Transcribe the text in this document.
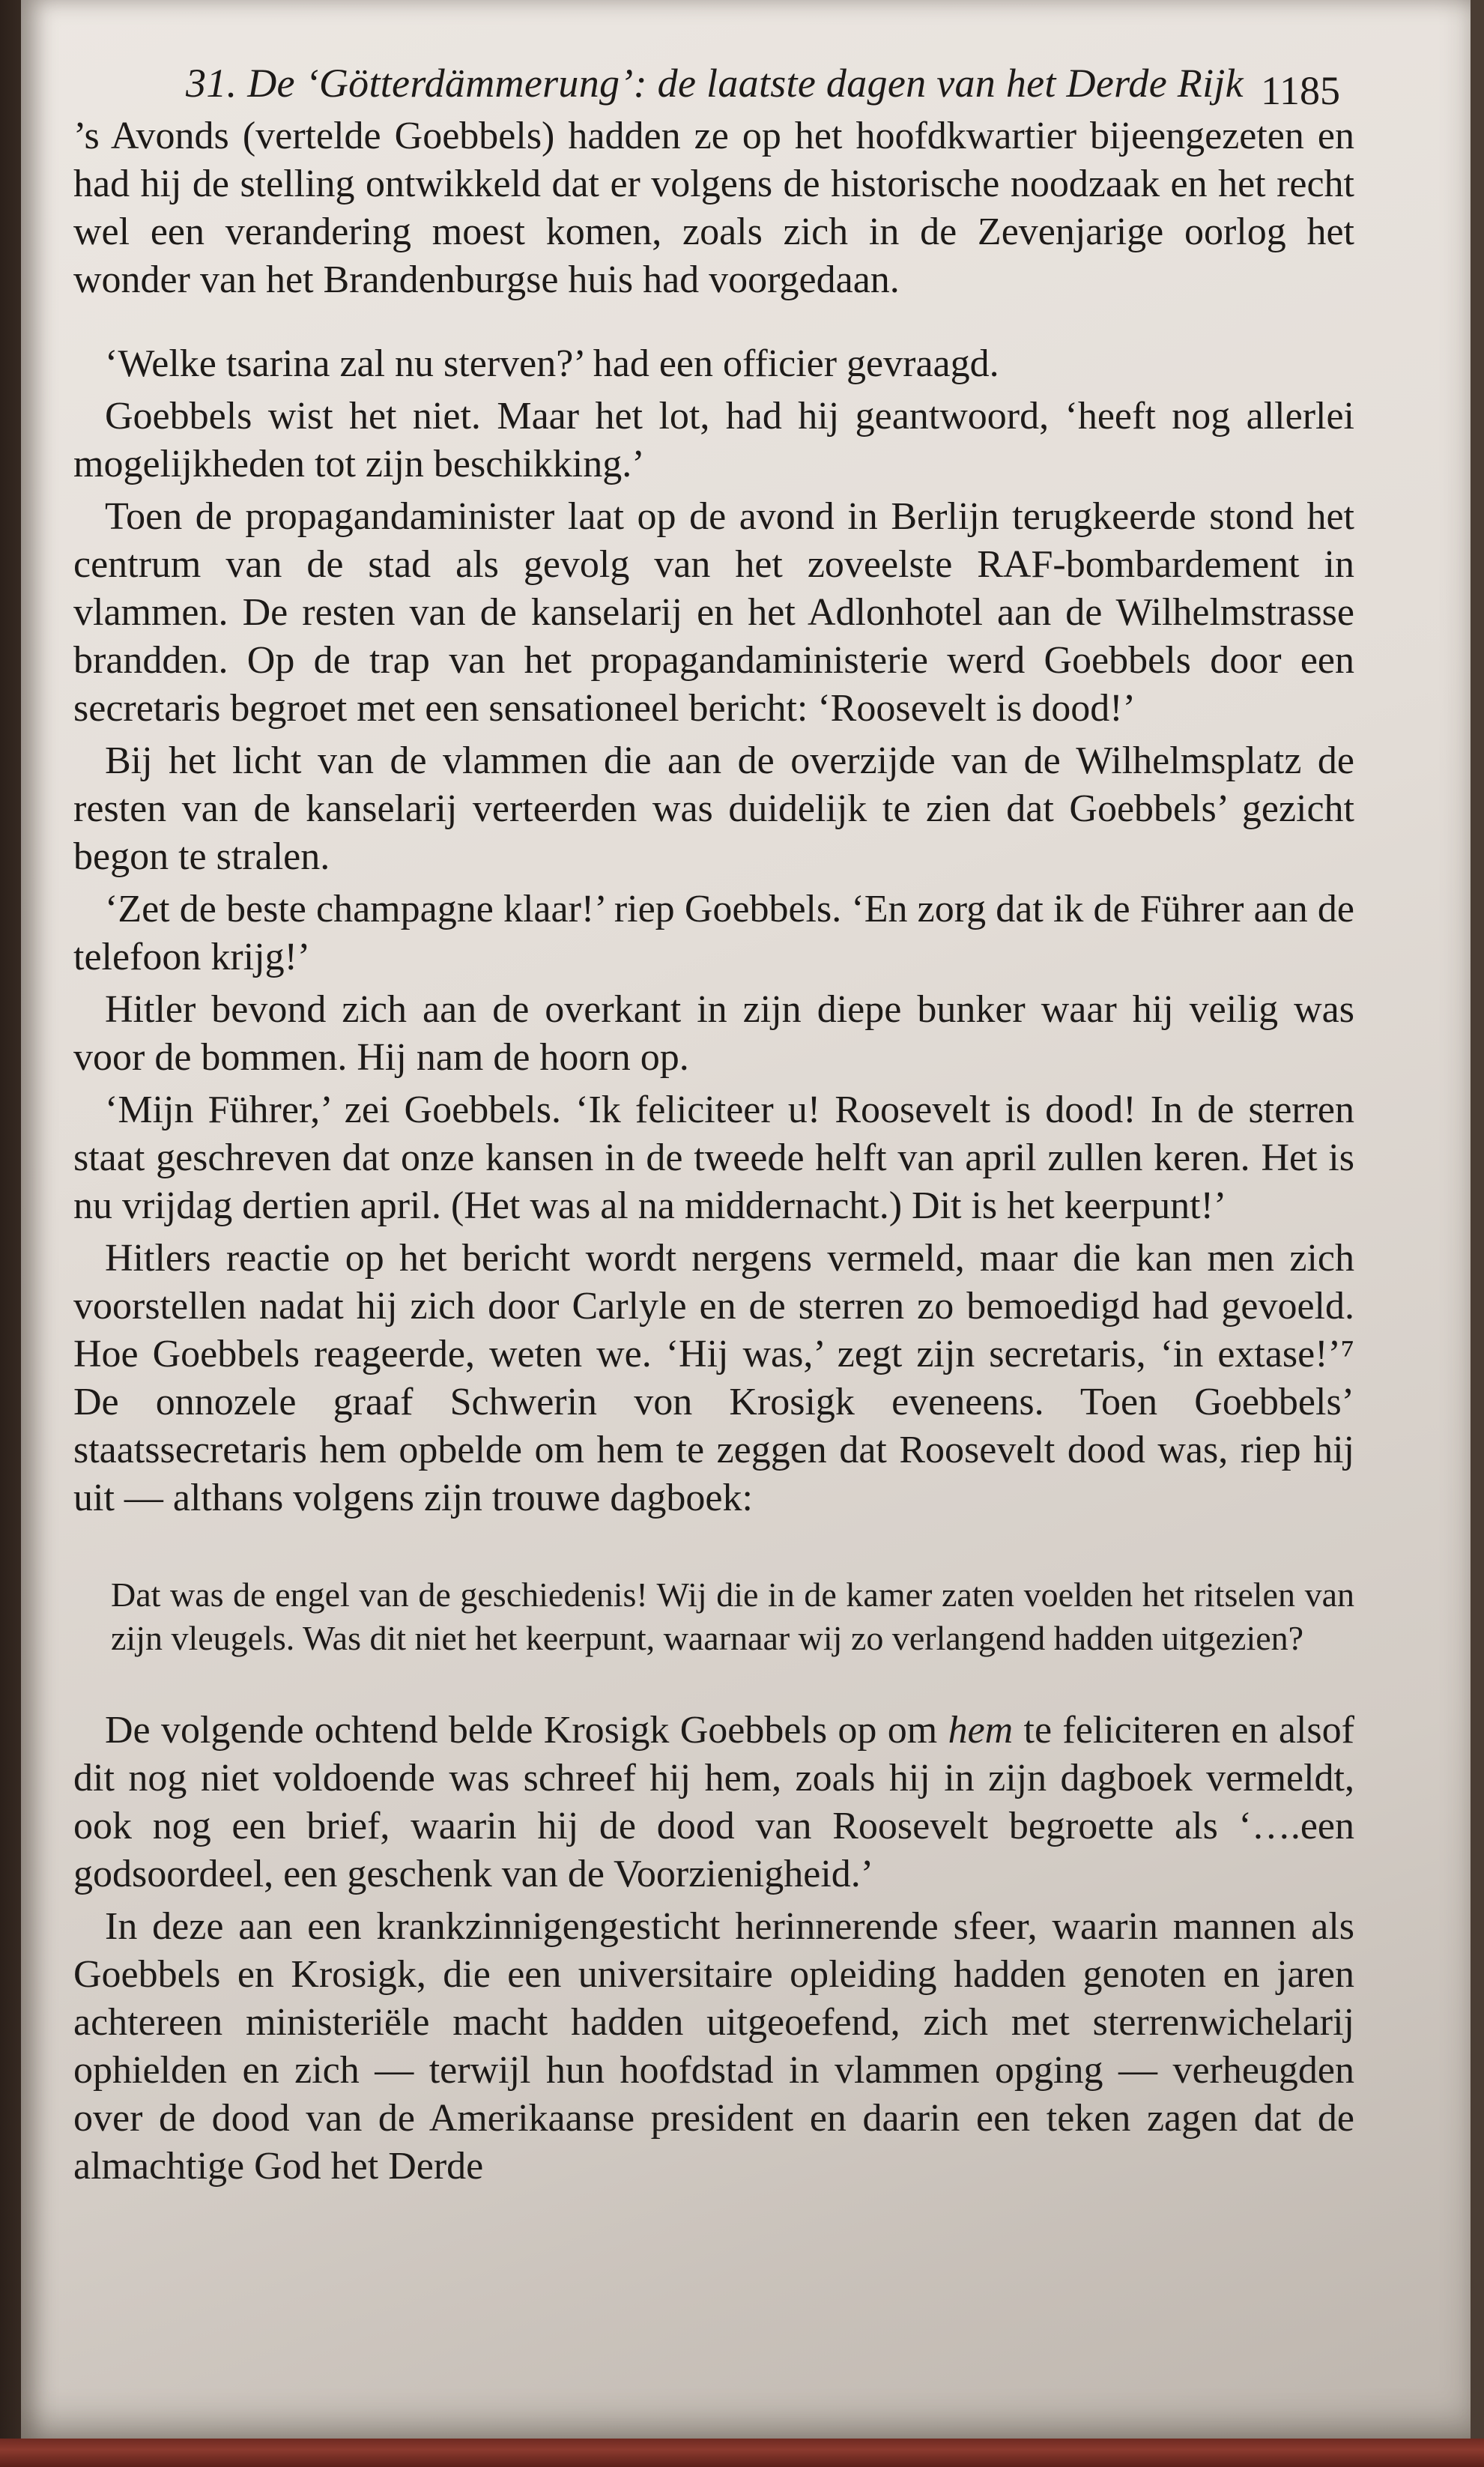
31. De ‘Götterdämmerung’: de laatste dagen van het Derde Rijk 1185

’s Avonds (vertelde Goebbels) hadden ze op het hoofdkwartier bijeengezeten en had hij de stelling ontwikkeld dat er volgens de historische noodzaak en het recht wel een verandering moest komen, zoals zich in de Zevenjarige oorlog het wonder van het Brandenburgse huis had voorgedaan.

‘Welke tsarina zal nu sterven?’ had een officier gevraagd.

Goebbels wist het niet. Maar het lot, had hij geantwoord, ‘heeft nog allerlei mogelijkheden tot zijn beschikking.’

Toen de propagandaminister laat op de avond in Berlijn terugkeerde stond het centrum van de stad als gevolg van het zoveelste RAF-bombardement in vlammen. De resten van de kanselarij en het Adlonhotel aan de Wilhelmstrasse brandden. Op de trap van het propagandaministerie werd Goebbels door een secretaris begroet met een sensationeel bericht: ‘Roosevelt is dood!’

Bij het licht van de vlammen die aan de overzijde van de Wilhelmsplatz de resten van de kanselarij verteerden was duidelijk te zien dat Goebbels’ gezicht begon te stralen.

‘Zet de beste champagne klaar!’ riep Goebbels. ‘En zorg dat ik de Führer aan de telefoon krijg!’

Hitler bevond zich aan de overkant in zijn diepe bunker waar hij veilig was voor de bommen. Hij nam de hoorn op.

‘Mijn Führer,’ zei Goebbels. ‘Ik feliciteer u! Roosevelt is dood! In de sterren staat geschreven dat onze kansen in de tweede helft van april zullen keren. Het is nu vrijdag dertien april. (Het was al na middernacht.) Dit is het keerpunt!’

Hitlers reactie op het bericht wordt nergens vermeld, maar die kan men zich voorstellen nadat hij zich door Carlyle en de sterren zo bemoedigd had gevoeld. Hoe Goebbels reageerde, weten we. ‘Hij was,’ zegt zijn secretaris, ‘in extase!’⁷ De onnozele graaf Schwerin von Krosigk eveneens. Toen Goebbels’ staatssecretaris hem opbelde om hem te zeggen dat Roosevelt dood was, riep hij uit — althans volgens zijn trouwe dagboek:

Dat was de engel van de geschiedenis! Wij die in de kamer zaten voelden het ritselen van zijn vleugels. Was dit niet het keerpunt, waarnaar wij zo verlangend hadden uitgezien?

De volgende ochtend belde Krosigk Goebbels op om hem te feliciteren en alsof dit nog niet voldoende was schreef hij hem, zoals hij in zijn dagboek vermeldt, ook nog een brief, waarin hij de dood van Roosevelt begroette als ‘….een godsoordeel, een geschenk van de Voorzienigheid.’

In deze aan een krankzinnigengesticht herinnerende sfeer, waarin mannen als Goebbels en Krosigk, die een universitaire opleiding hadden genoten en jaren achtereen ministeriële macht hadden uitgeoefend, zich met sterrenwichelarij ophielden en zich — terwijl hun hoofdstad in vlammen opging — verheugden over de dood van de Amerikaanse president en daarin een teken zagen dat de almachtige God het Derde
